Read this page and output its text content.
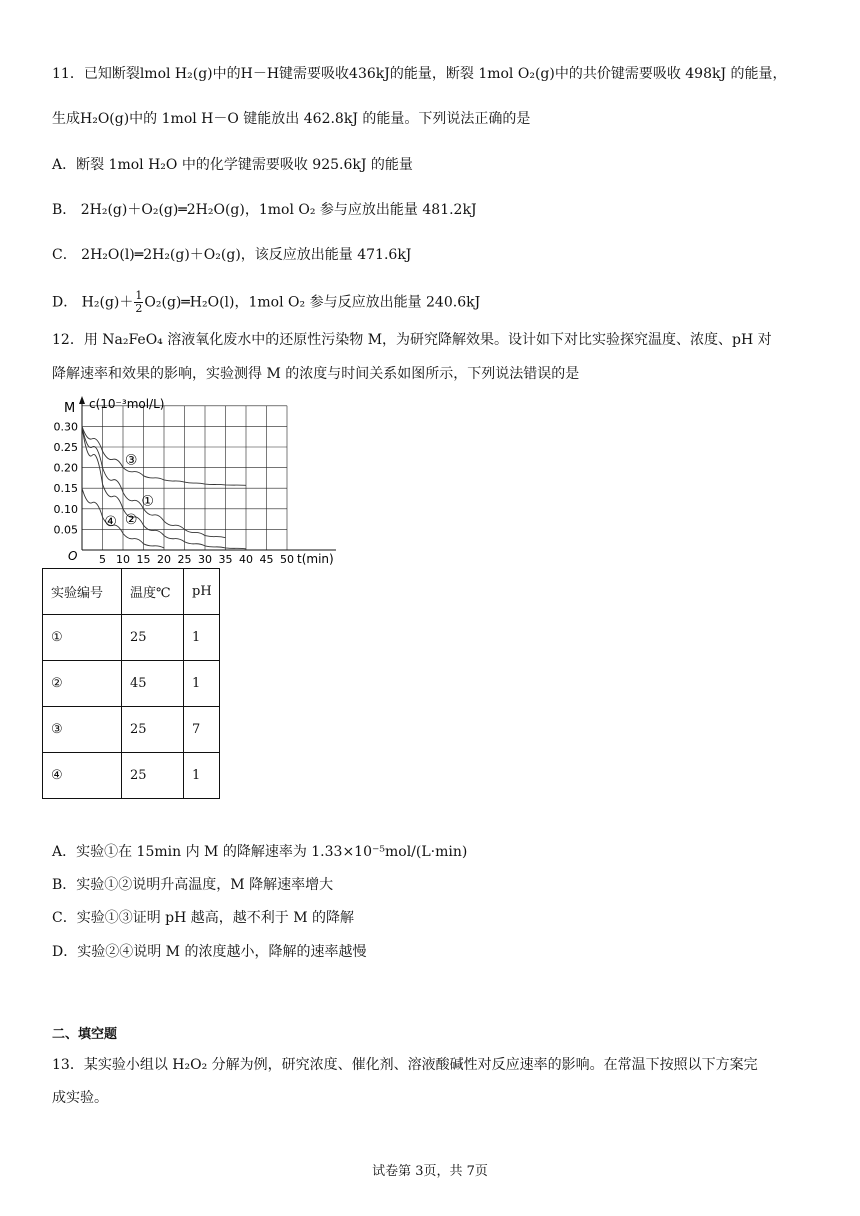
11．已知断裂lmol H₂(g)中的H－H键需要吸收436kJ的能量，断裂 1mol O₂(g)中的共价键需要吸收 498kJ 的能量，
生成H₂O(g)中的 1mol H－O 键能放出 462.8kJ 的能量。下列说法正确的是
A．断裂 1mol H₂O 中的化学键需要吸收 925.6kJ 的能量
B． 2H₂(g)＋O₂(g)═2H₂O(g)，1mol O₂ 参与应放出能量 481.2kJ
C． 2H₂O(l)═2H₂(g)＋O₂(g)，该反应放出能量 471.6kJ
D． $H_2(g)+ \frac{1}{2}$ O₂(g)═H₂O(l)，1mol O₂ 参与反应放出能量 240.6kJ
12．用 Na₂FeO₄ 溶液氧化废水中的还原性污染物 M，为研究降解效果。设计如下对比实验探究温度、浓度、pH 对
降解速率和效果的影响，实验测得 M 的浓度与时间关系如图所示，下列说法错误的是
0.30
0.25
0.20
0.15
0.10
0.05
5 10 15 20 25 30 35 40 45 50
③
①
②
④
M c(10⁻³mol/L)
t(min)
O
实验编号	温度℃	pH
①	25	1
②	45	1
③	25	7
④	25	1
A．实验①在 15min 内 M 的降解速率为 1.33×10⁻⁵mol/(L·min)
B．实验①②说明升高温度，M 降解速率增大
C．实验①③证明 pH 越高，越不利于 M 的降解
D．实验②④说明 M 的浓度越小，降解的速率越慢
二、填空题
13．某实验小组以 H₂O₂ 分解为例，研究浓度、催化剂、溶液酸碱性对反应速率的影响。在常温下按照以下方案完
成实验。
试卷第 3页，共 7页
